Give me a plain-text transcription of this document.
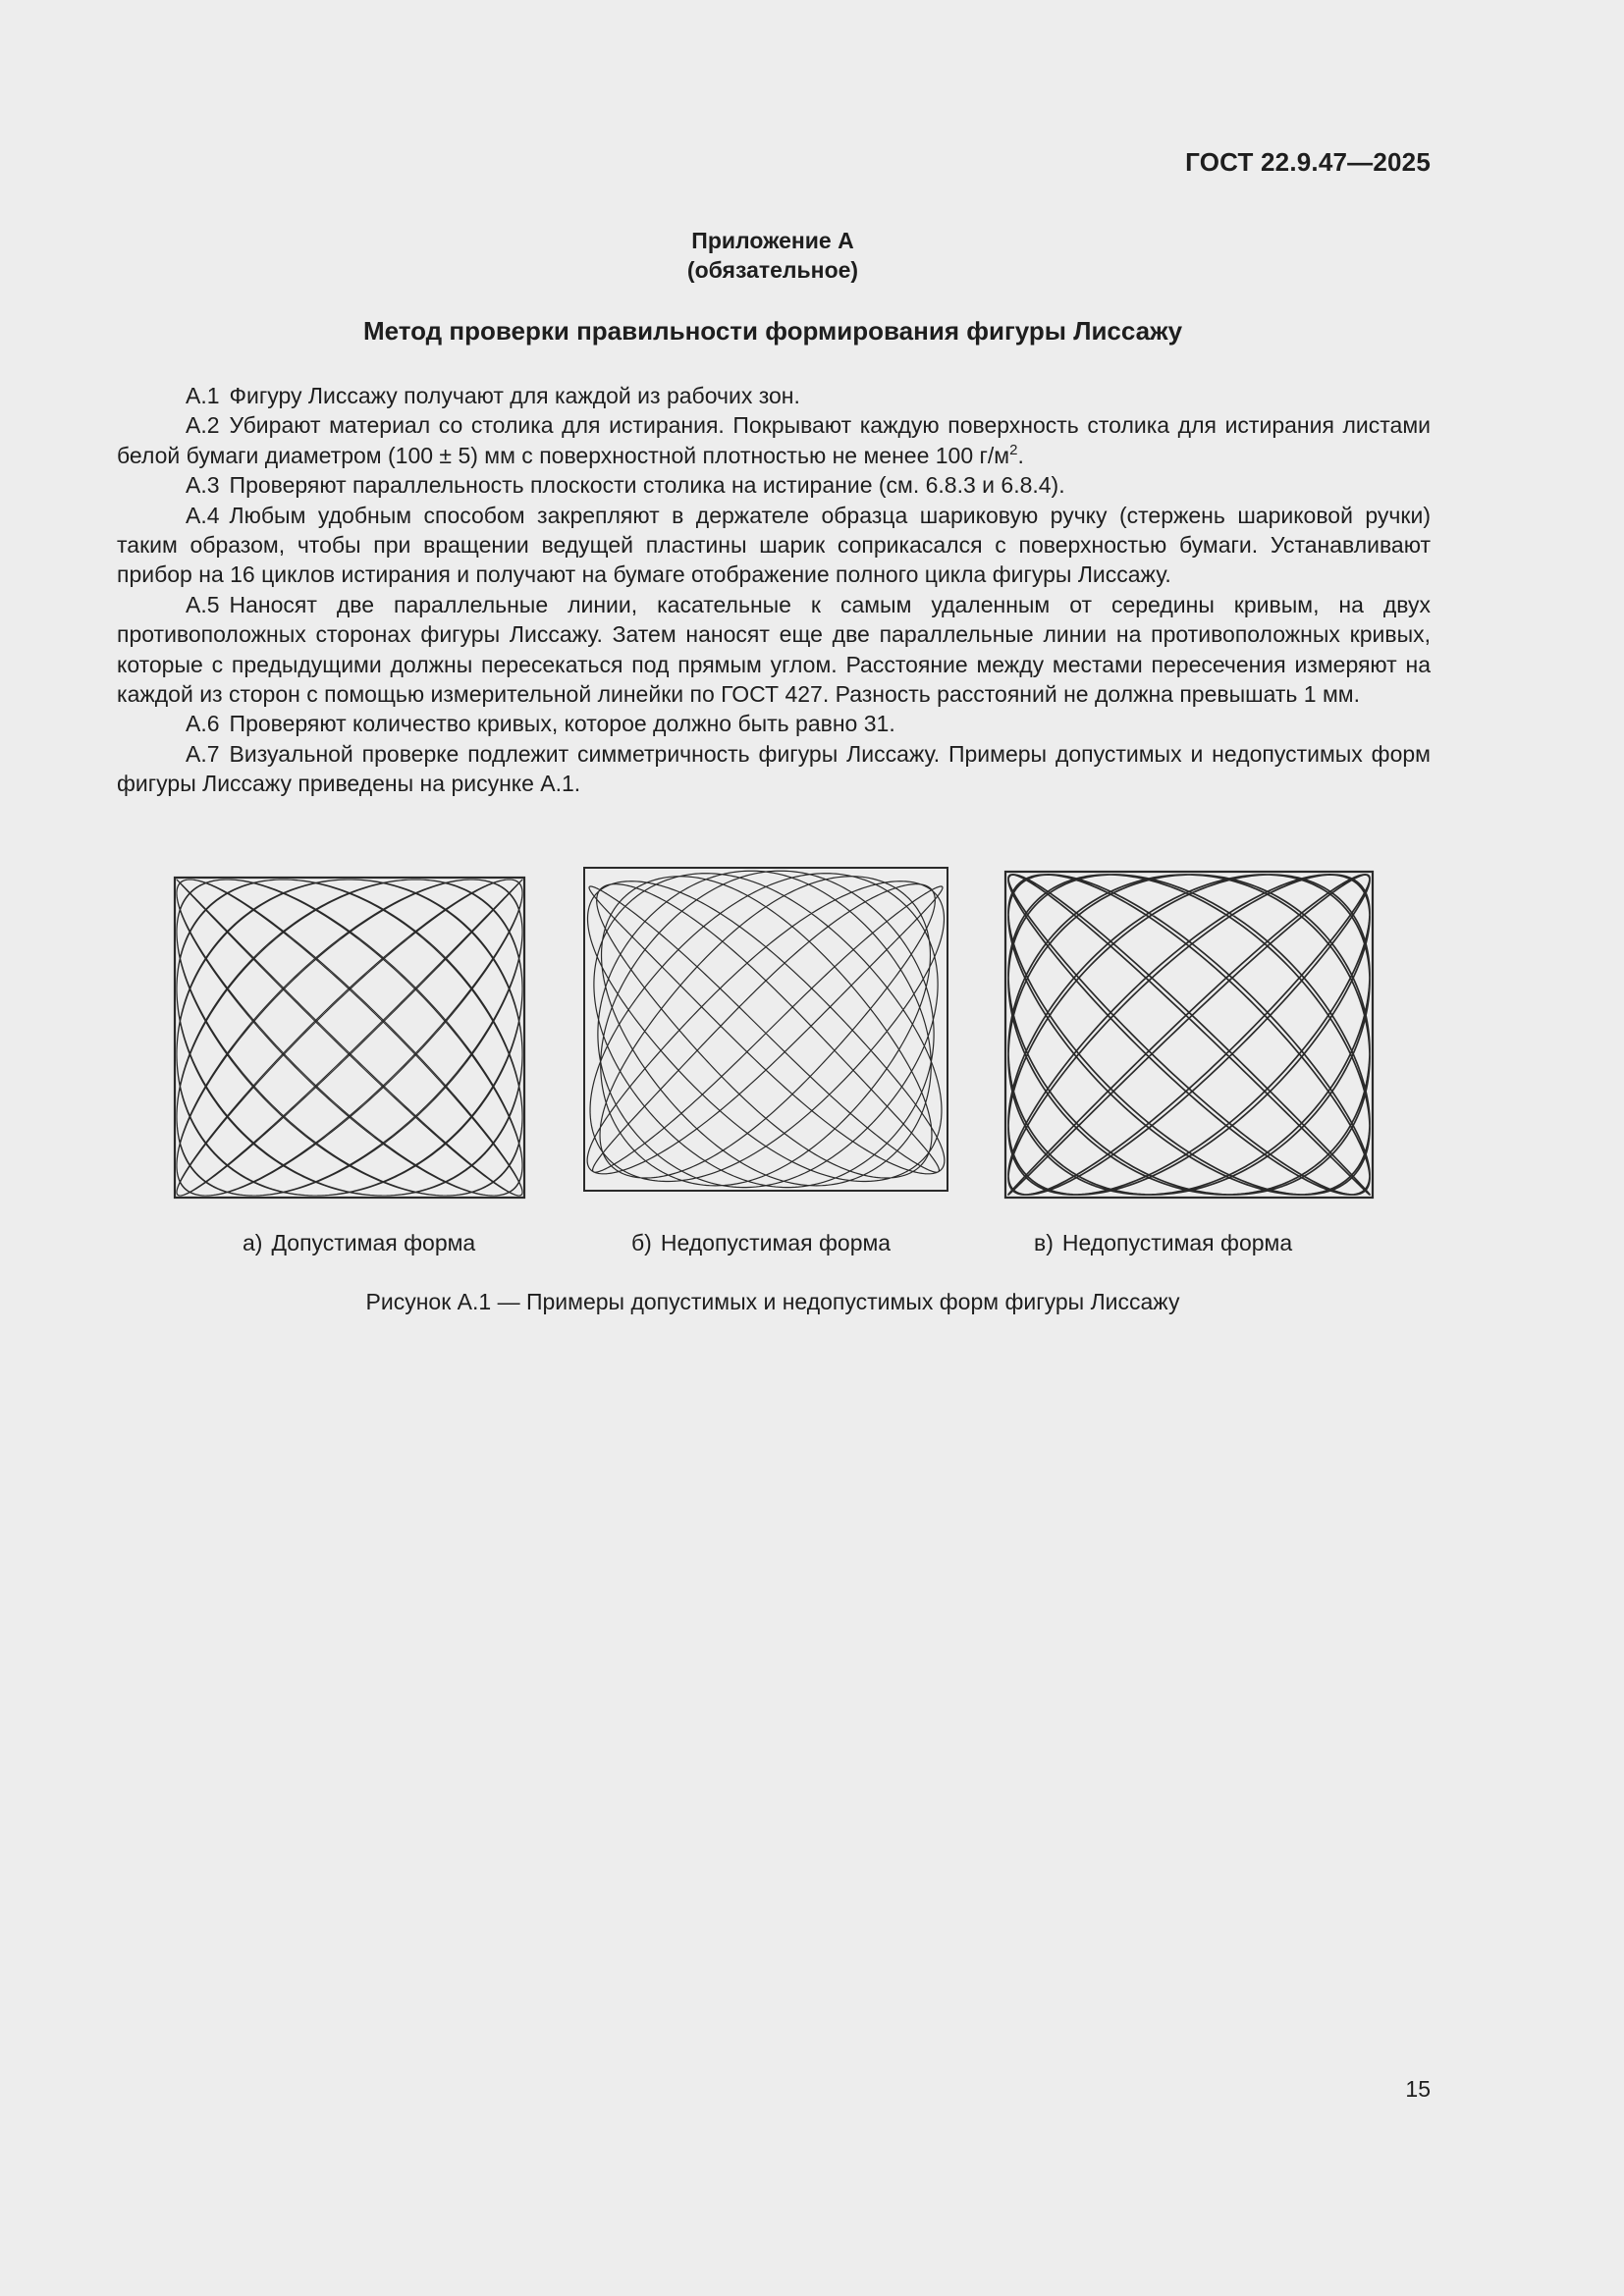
ГОСТ 22.9.47—2025
Приложение А
(обязательное)
Метод проверки правильности формирования фигуры Лиссажу

А.1 Фигуру Лиссажу получают для каждой из рабочих зон.

А.2 Убирают материал со столика для истирания. Покрывают каждую поверхность столика для истирания листами белой бумаги диаметром (100 ± 5) мм с поверхностной плотностью не менее 100 $г/м^2$.

А.3 Проверяют параллельность плоскости столика на истирание (см. 6.8.3 и 6.8.4).

А.4 Любым удобным способом закрепляют в держателе образца шариковую ручку (стержень шариковой ручки) таким образом, чтобы при вращении ведущей пластины шарик соприкасался с поверхностью бумаги. Устанавливают прибор на 16 циклов истирания и получают на бумаге отображение полного цикла фигуры Лиссажу.

А.5 Наносят две параллельные линии, касательные к самым удаленным от середины кривым, на двух противоположных сторонах фигуры Лиссажу. Затем наносят еще две параллельные линии на противоположных кривых, которые с предыдущими должны пересекаться под прямым углом. Расстояние между местами пересечения измеряют на каждой из сторон с помощью измерительной линейки по ГОСТ 427. Разность расстояний не должна превышать 1 мм.

А.6 Проверяют количество кривых, которое должно быть равно 31.

А.7 Визуальной проверке подлежит симметричность фигуры Лиссажу. Примеры допустимых и недопустимых форм фигуры Лиссажу приведены на рисунке А.1.

а) Допустимая форма	б) Недопустимая форма	в) Недопустимая форма
Рисунок А.1 — Примеры допустимых и недопустимых форм фигуры Лиссажу
15
